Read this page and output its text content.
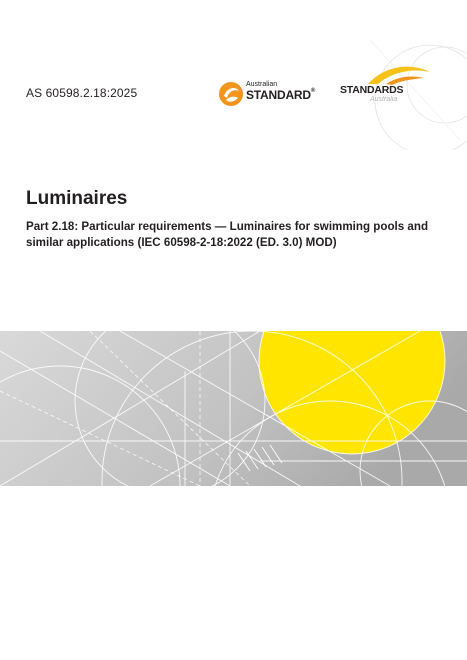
AS 60598.2.18:2025
Australian
STANDARD® STANDARDS
Australia
Luminaires

Part 2.18: Particular requirements — Luminaires for swimming pools and similar applications (IEC 60598-2-18:2022 (ED. 3.0) MOD)
